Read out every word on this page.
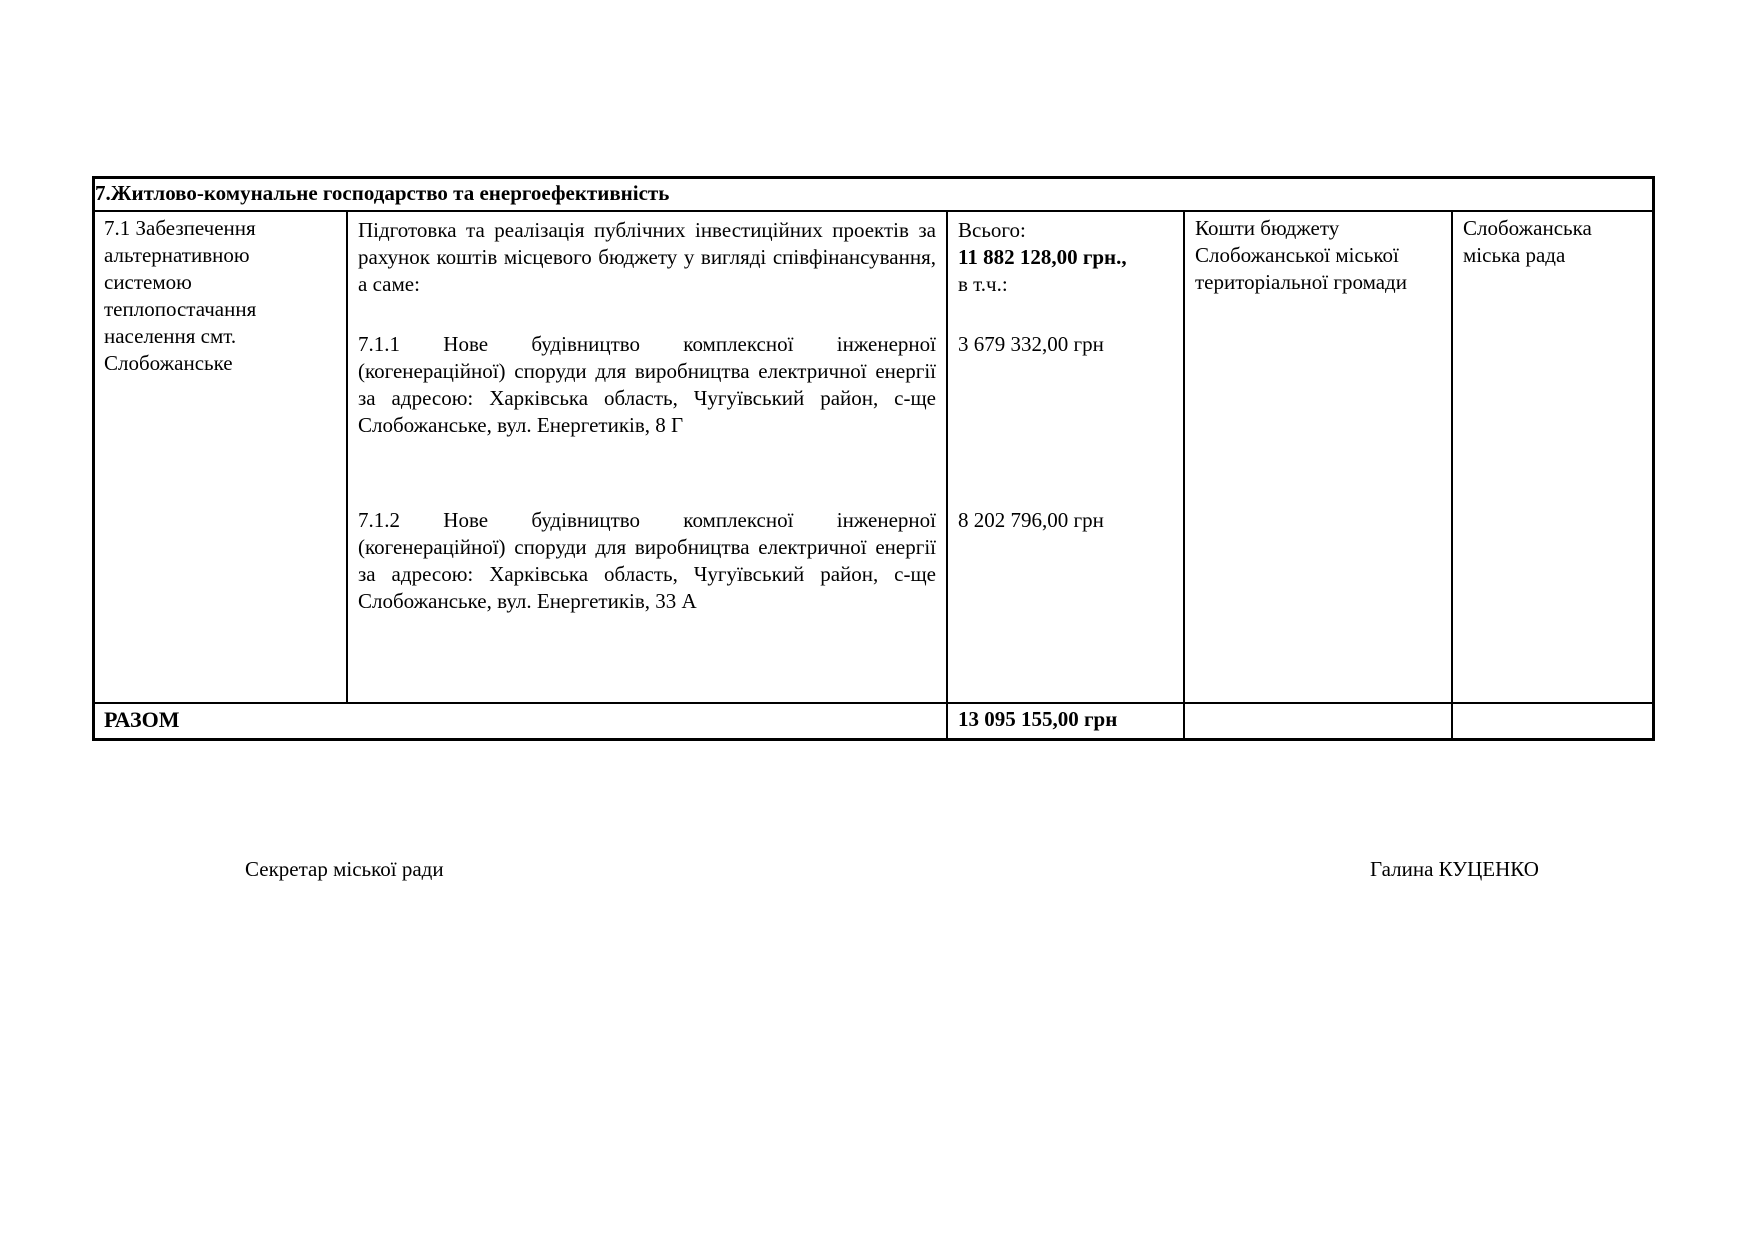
7.Житлово-комунальне господарство та енергоефективність
7.1 Забезпечення альтернативною системою теплопостачання населення смт. Слобожанське
Підготовка та реалізація публічних інвестиційних проектів за рахунок коштів місцевого бюджету у вигляді співфінансування, а саме:
7.1.1 Нове будівництво комплексної інженерної (когенераційної) споруди для виробництва електричної енергії за адресою: Харківська область, Чугуївський район, с-ще Слобожанське, вул. Енергетиків, 8 Г
7.1.2 Нове будівництво комплексної інженерної (когенераційної) споруди для виробництва електричної енергії за адресою: Харківська область, Чугуївський район, с-ще Слобожанське, вул. Енергетиків, 33 А
Всього:
11 882 128,00 грн.,
в т.ч.:
3 679 332,00 грн
8 202 796,00 грн
Кошти бюджету Слобожанської міської територіальної громади
Слобожанська міська рада
РАЗОМ	13 095 155,00 грн
Секретар міської ради	Галина КУЦЕНКО
